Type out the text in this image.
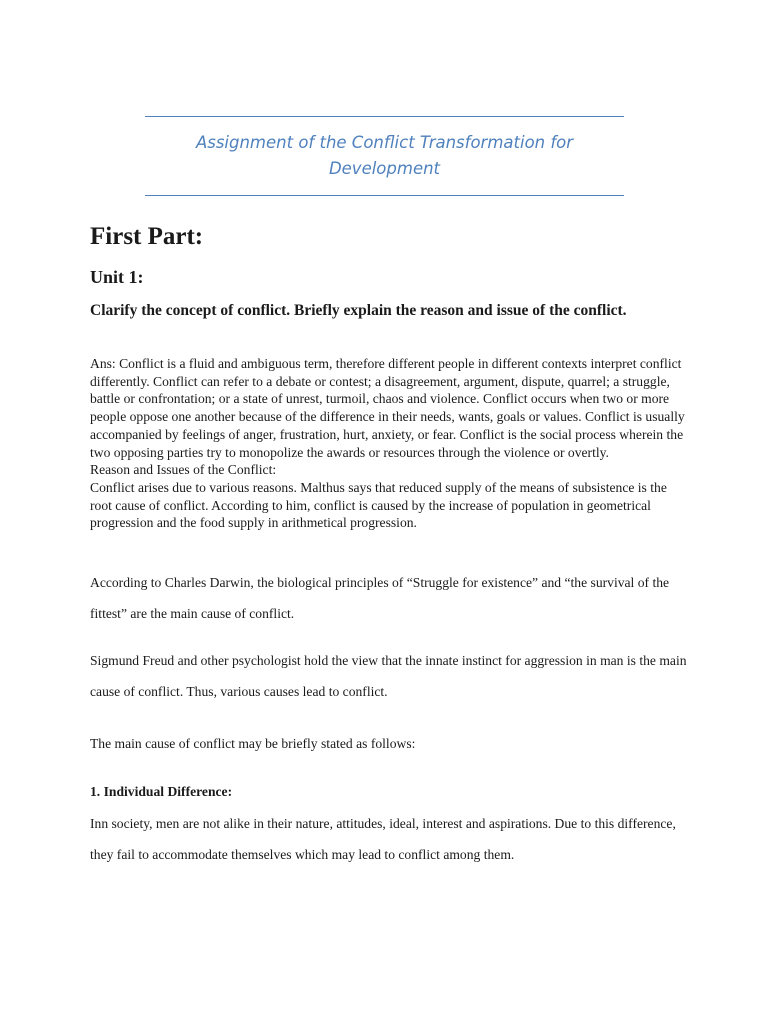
Assignment of the Conflict Transformation for Development
First Part:
Unit 1:
Clarify the concept of conflict. Briefly explain the reason and issue of the conflict.

Ans: Conflict is a fluid and ambiguous term, therefore different people in different contexts interpret conflict differently. Conflict can refer to a debate or contest; a disagreement, argument, dispute, quarrel; a struggle, battle or confrontation; or a state of unrest, turmoil, chaos and violence. Conflict occurs when two or more people oppose one another because of the difference in their needs, wants, goals or values. Conflict is usually accompanied by feelings of anger, frustration, hurt, anxiety, or fear. Conflict is the social process wherein the two opposing parties try to monopolize the awards or resources through the violence or overtly.

Reason and Issues of the Conflict:

Conflict arises due to various reasons. Malthus says that reduced supply of the means of subsistence is the root cause of conflict. According to him, conflict is caused by the increase of population in geometrical progression and the food supply in arithmetical progression.

According to Charles Darwin, the biological principles of “Struggle for existence” and “the survival of the fittest” are the main cause of conflict.

Sigmund Freud and other psychologist hold the view that the innate instinct for aggression in man is the main cause of conflict. Thus, various causes lead to conflict.

The main cause of conflict may be briefly stated as follows:

1. Individual Difference:

Inn society, men are not alike in their nature, attitudes, ideal, interest and aspirations. Due to this difference, they fail to accommodate themselves which may lead to conflict among them.
